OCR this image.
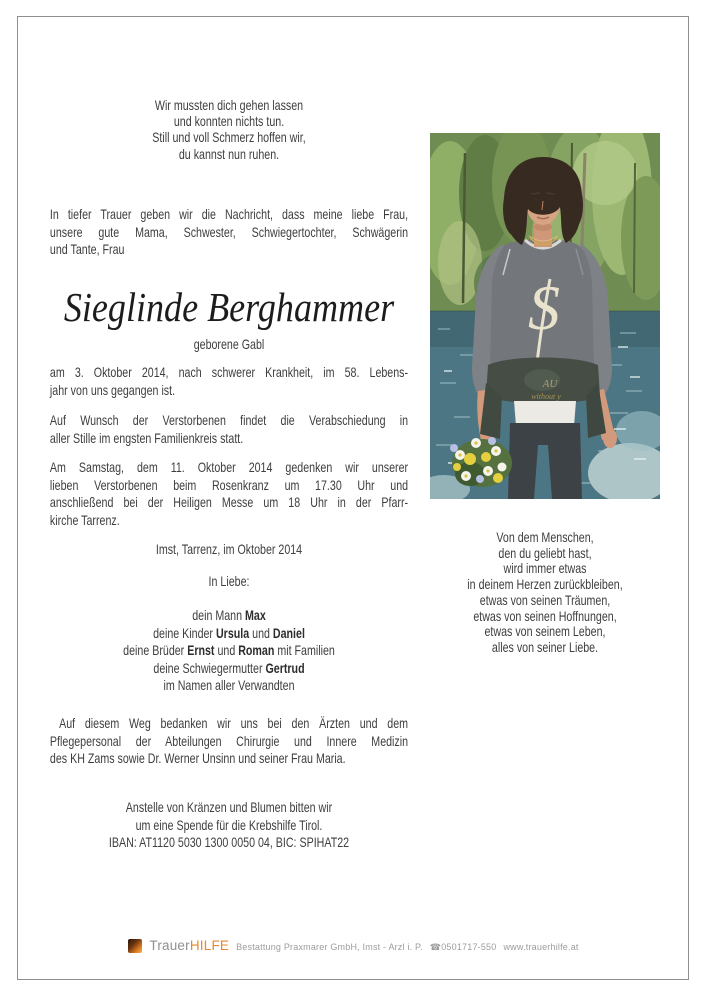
Wir mussten dich gehen lassen
und konnten nichts tun.
Still und voll Schmerz hoffen wir,
du kannst nun ruhen.
In tiefer Trauer geben wir die Nachricht, dass meine liebe Frau,
unsere gute Mama, Schwester, Schwiegertochter, Schwägerin
und Tante, Frau
Sieglinde Berghammer
geborene Gabl
am 3. Oktober 2014, nach schwerer Krankheit, im 58. Lebens-
jahr von uns gegangen ist.
Auf Wunsch der Verstorbenen findet die Verabschiedung in
aller Stille im engsten Familienkreis statt.
Am Samstag, dem 11. Oktober 2014 gedenken wir unserer
lieben Verstorbenen beim Rosenkranz um 17.30 Uhr und
anschließend bei der Heiligen Messe um 18 Uhr in der Pfarr-
kirche Tarrenz.
Imst, Tarrenz, im Oktober 2014
In Liebe:
dein Mann Max
deine Kinder Ursula und Daniel
deine Brüder Ernst und Roman mit Familien
deine Schwiegermutter Gertrud
im Namen aller Verwandten
Auf diesem Weg bedanken wir uns bei den Ärzten und dem
Pflegepersonal der Abteilungen Chirurgie und Innere Medizin
des KH Zams sowie Dr. Werner Unsinn und seiner Frau Maria.
Anstelle von Kränzen und Blumen bitten wir
um eine Spende für die Krebshilfe Tirol.
IBAN: AT1120 5030 1300 0050 04, BIC: SPIHAT22
Von dem Menschen,
den du geliebt hast,
wird immer etwas
in deinem Herzen zurückbleiben,
etwas von seinen Träumen,
etwas von seinen Hoffnungen,
etwas von seinem Leben,
alles von seiner Liebe.
S
AU
without y
TrauerHILFE Bestattung Praxmarer GmbH, Imst - Arzl i. P. ☎0501717-550 www.trauerhilfe.at
